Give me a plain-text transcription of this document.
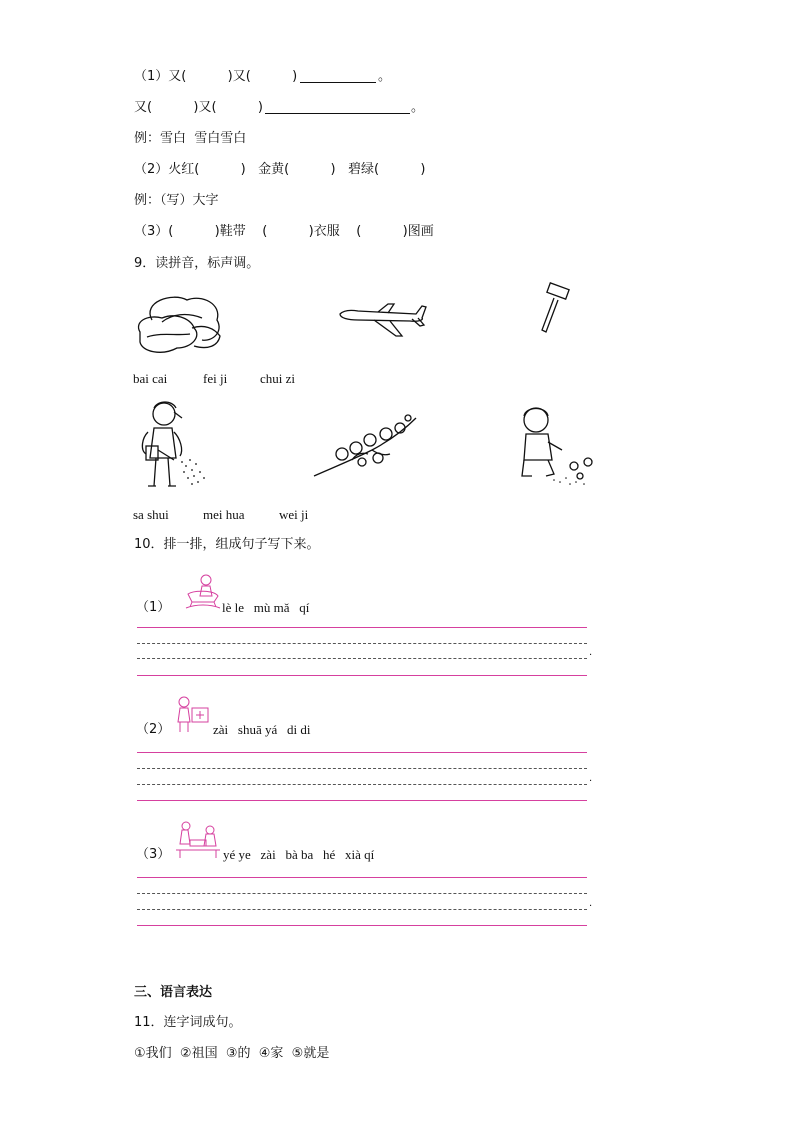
（1）又(          )又(          )	。
又(          )又(          )	。
例：雪白  雪白雪白
（2）火红(          )   金黄(          )   碧绿(          )
例：（写）大字
（3）(          )鞋带    (          )衣服    (          )图画
9．读拼音，标声调。
bai cai	fei ji	chui zi
sa shui	mei hua	wei ji
10．排一排，组成句子写下来。
（1）	lè le   mù mǎ   qí
.
（2）	zài   shuā yá   di di
.
（3）	yé ye   zài   bà ba   hé   xià qí
.
三、语言表达
11．连字词成句。
①我们  ②祖国  ③的  ④家  ⑤就是
